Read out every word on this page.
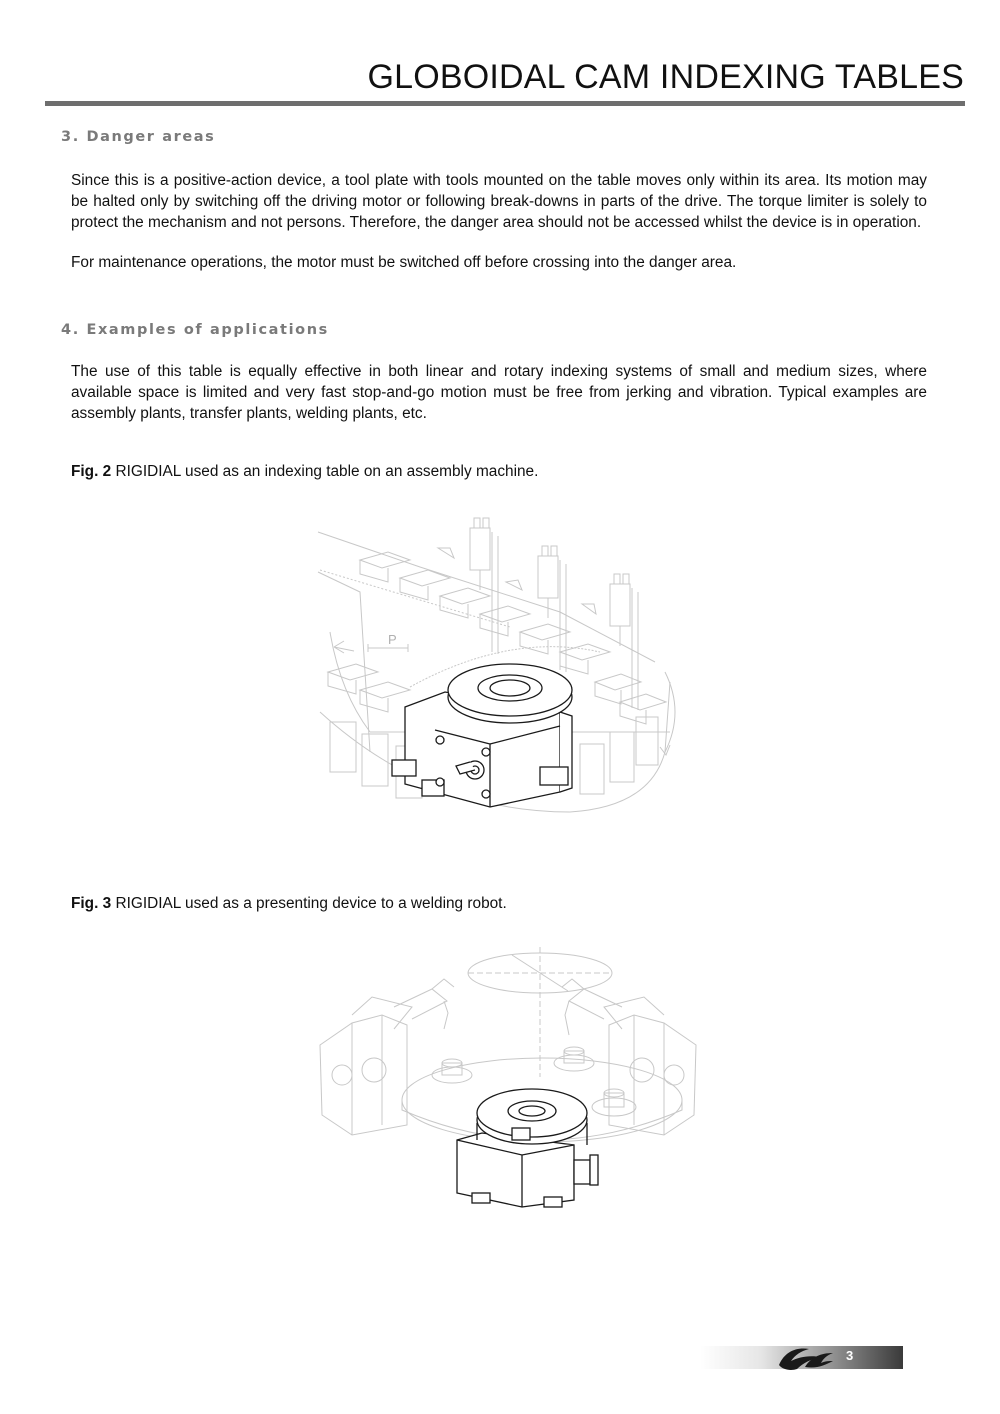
GLOBOIDAL CAM INDEXING TABLES
3. Danger areas
Since this is a positive-action device, a tool plate with tools mounted on the table moves only within its area. Its motion may be halted only by switching off the driving motor or following break-downs in parts of the drive. The torque limiter is solely to protect the mechanism and not persons. Therefore, the danger area should not be accessed whilst the device is in operation.
For maintenance operations, the motor must be switched off before crossing into the danger area.
4. Examples of applications
The use of this table is equally effective in both linear and rotary indexing systems of small and medium sizes, where available space is limited and very fast stop-and-go motion must be free from jerking and vibration. Typical examples are assembly plants, transfer plants, welding plants, etc.
Fig. 2 RIGIDIAL used as an indexing table on an assembly machine.
P
Fig. 3 RIGIDIAL used as a presenting device to a welding robot.
3
